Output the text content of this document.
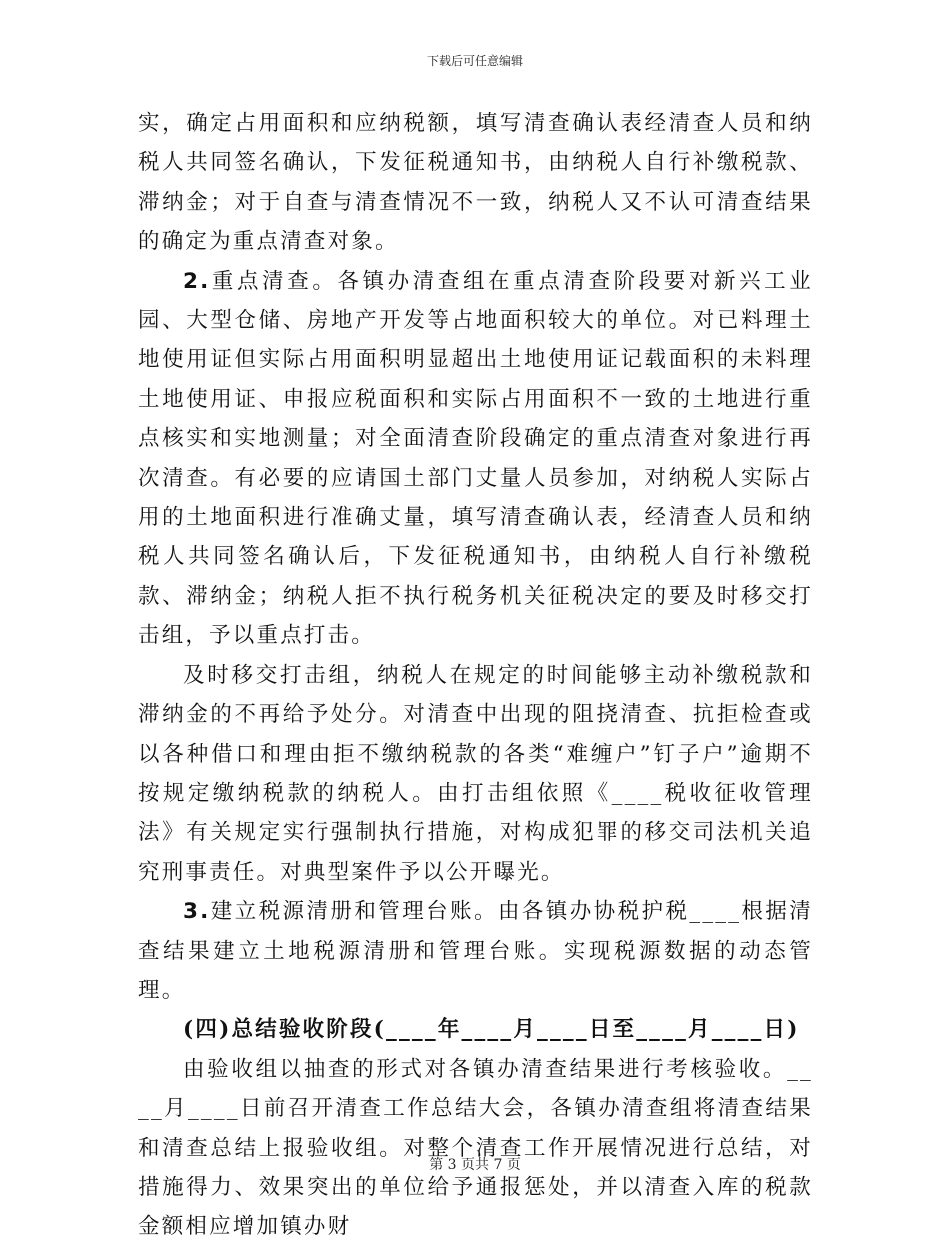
下载后可任意编辑

实，确定占用面积和应纳税额，填写清查确认表经清查人员和纳税人共同签名确认，下发征税通知书，由纳税人自行补缴税款、滞纳金；对于自查与清查情况不一致，纳税人又不认可清查结果的确定为重点清查对象。

2.重点清查。各镇办清查组在重点清查阶段要对新兴工业园、大型仓储、房地产开发等占地面积较大的单位。对已料理土地使用证但实际占用面积明显超出土地使用证记载面积的未料理土地使用证、申报应税面积和实际占用面积不一致的土地进行重点核实和实地测量；对全面清查阶段确定的重点清查对象进行再次清查。有必要的应请国土部门丈量人员参加，对纳税人实际占用的土地面积进行准确丈量，填写清查确认表，经清查人员和纳税人共同签名确认后，下发征税通知书，由纳税人自行补缴税款、滞纳金；纳税人拒不执行税务机关征税决定的要及时移交打击组，予以重点打击。

及时移交打击组，纳税人在规定的时间能够主动补缴税款和滞纳金的不再给予处分。对清查中出现的阻挠清查、抗拒检查或以各种借口和理由拒不缴纳税款的各类“难缠户”钉子户”逾期不按规定缴纳税款的纳税人。由打击组依照《____税收征收管理法》有关规定实行强制执行措施，对构成犯罪的移交司法机关追究刑事责任。对典型案件予以公开曝光。

3.建立税源清册和管理台账。由各镇办协税护税____根据清查结果建立土地税源清册和管理台账。实现税源数据的动态管理。

(四)总结验收阶段(____年____月____日至____月____日)

由验收组以抽查的形式对各镇办清查结果进行考核验收。____月____日前召开清查工作总结大会，各镇办清查组将清查结果和清查总结上报验收组。对整个清查工作开展情况进行总结，对措施得力、效果突出的单位给予通报惩处，并以清查入库的税款金额相应增加镇办财

第 3 页共 7 页
